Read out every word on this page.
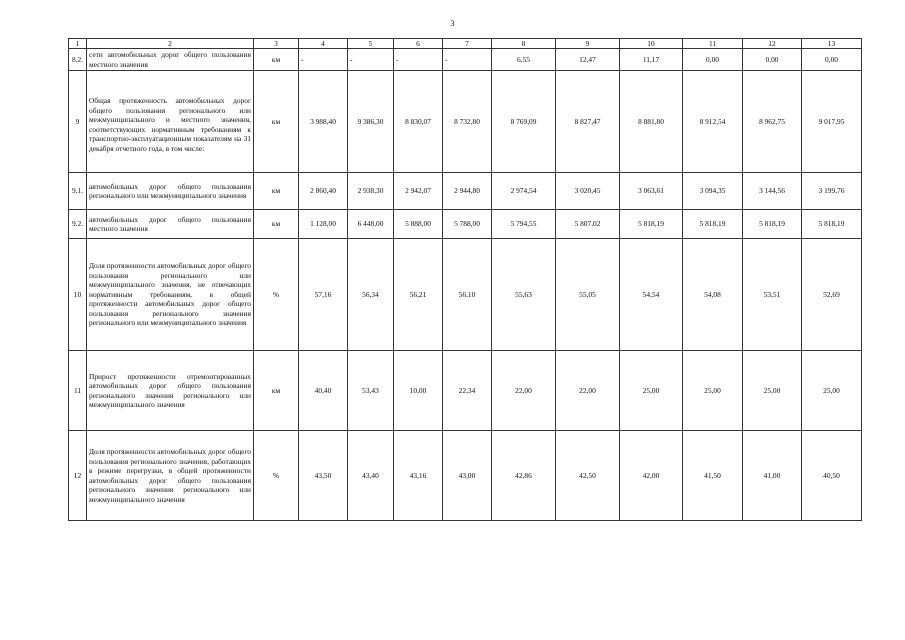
3
1	2	3	4	5	6	7	8	9	10	11	12	13
8.2.	сети автомобильных дорог общего пользования местного значения	км	-	-	-	-	6,55	12,47	11,17	0,00	0,00	0,00
9	Общая протяженность автомобильных дорог общего пользования регионального или межмуниципального и местного значения, соответствующих нормативным требованиям к транспортно-эксплуатационным показателям на 31 декабря отчетного года, в том числе:	км	3 988,40	9 386,30	8 830,07	8 732,80	8 769,09	8 827,47	8 881,80	8 912,54	8 962,75	9 017,95
9.1.	автомобильных дорог общего пользования регионального или межмуниципального значения	км	2 860,40	2 938,30	2 942,07	2 944,80	2 974,54	3 020,45	3 063,61	3 094,35	3 144,56	3 199,76
9.2.	автомобильных дорог общего пользования местного значения	км	1 128,00	6 448,00	5 888,00	5 788,00	5 794,55	5 807,02	5 818,19	5 818,19	5 818,19	5 818,19
10	Доля протяженности автомобильных дорог общего пользования регионального или межмуниципального значения, не отвечающих нормативным требованиям, в общей протяженности автомобильных дорог общего пользования регионального значения регионального или межмуниципального значения	%	57,16	56,34	56,21	56,10	55,63	55,05	54,54	54,08	53,51	52,69
11	Прирост протяженности отремонтированных автомобильных дорог общего пользования регионального значения регионального или межмуниципального значения	км	40,40	53,43	10,00	22,34	22,00	22,00	25,00	25,00	25,00	25,00
12	Доля протяженности автомобильных дорог общего пользования регионального значения, работающих в режиме перегрузки, в общей протяженности автомобильных дорог общего пользования регионального значения регионального или межмуниципального значения	%	43,50	43,40	43,16	43,00	42,86	42,50	42,00	41,50	41,00	40,50
